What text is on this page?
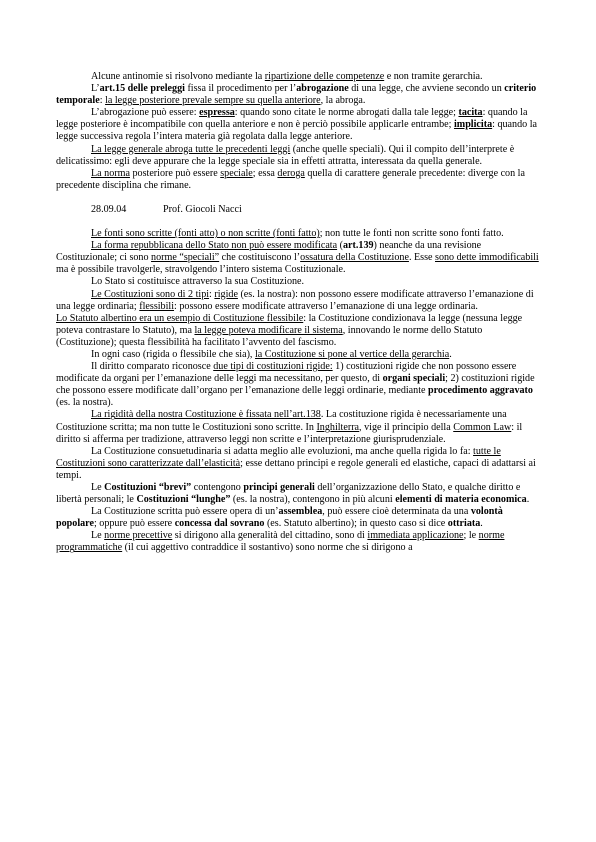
Alcune antinomie si risolvono mediante la ripartizione delle competenze e non tramite gerarchia.

L’art.15 delle preleggi fissa il procedimento per l’abrogazione di una legge, che avviene secondo un criterio temporale: la legge posteriore prevale sempre su quella anteriore, la abroga.

L’abrogazione può essere: espressa: quando sono citate le norme abrogati dalla tale legge; tacita: quando la legge posteriore è incompatibile con quella anteriore e non è perciò possibile applicarle entrambe; implicita: quando la legge successiva regola l’intera materia già regolata dalla legge anteriore.

La legge generale abroga tutte le precedenti leggi (anche quelle speciali). Qui il compito dell’interprete è delicatissimo: egli deve appurare che la legge speciale sia in effetti attratta, interessata da quella generale.

La norma posteriore può essere speciale; essa deroga quella di carattere generale precedente: diverge con la precedente disciplina che rimane.

28.09.04	Prof. Giocoli Nacci

Le fonti sono scritte (fonti atto) o non scritte (fonti fatto); non tutte le fonti non scritte sono fonti fatto.

La forma repubblicana dello Stato non può essere modificata (art.139) neanche da una revisione Costituzionale; ci sono norme “speciali” che costituiscono l’ossatura della Costituzione. Esse sono dette immodificabili ma è possibile travolgerle, stravolgendo l’intero sistema Costituzionale.

Lo Stato si costituisce attraverso la sua Costituzione.

Le Costituzioni sono di 2 tipi: rigide (es. la nostra): non possono essere modificate attraverso l’emanazione di una legge ordinaria; flessibili: possono essere modificate attraverso l’emanazione di una legge ordinaria.

Lo Statuto albertino era un esempio di Costituzione flessibile: la Costituzione condizionava la legge (nessuna legge poteva contrastare lo Statuto), ma la legge poteva modificare il sistema, innovando le norme dello Statuto (Costituzione); questa flessibilità ha facilitato l’avvento del fascismo.

In ogni caso (rigida o flessibile che sia), la Costituzione si pone al vertice della gerarchia.

Il diritto comparato riconosce due tipi di costituzioni rigide: 1) costituzioni rigide che non possono essere modificate da organi per l’emanazione delle leggi ma necessitano, per questo, di organi speciali; 2) costituzioni rigide che possono essere modificate dall’organo per l’emanazione delle leggi ordinarie, mediante procedimento aggravato (es. la nostra).

La rigidità della nostra Costituzione è fissata nell’art.138. La costituzione rigida è necessariamente una Costituzione scritta; ma non tutte le Costituzioni sono scritte. In Inghilterra, vige il principio della Common Law: il diritto si afferma per tradizione, attraverso leggi non scritte e l’interpretazione giurisprudenziale.

La Costituzione consuetudinaria si adatta meglio alle evoluzioni, ma anche quella rigida lo fa: tutte le Costituzioni sono caratterizzate dall’elasticità; esse dettano principi e regole generali ed elastiche, capaci di adattarsi ai tempi.

Le Costituzioni “brevi” contengono principi generali dell’organizzazione dello Stato, e qualche diritto e libertà personali; le Costituzioni “lunghe” (es. la nostra), contengono in più alcuni elementi di materia economica.

La Costituzione scritta può essere opera di un’assemblea, può essere cioè determinata da una volontà popolare; oppure può essere concessa dal sovrano (es. Statuto albertino); in questo caso si dice ottriata.

Le norme precettive si dirigono alla generalità del cittadino, sono di immediata applicazione; le norme programmatiche (il cui aggettivo contraddice il sostantivo) sono norme che si dirigono a
